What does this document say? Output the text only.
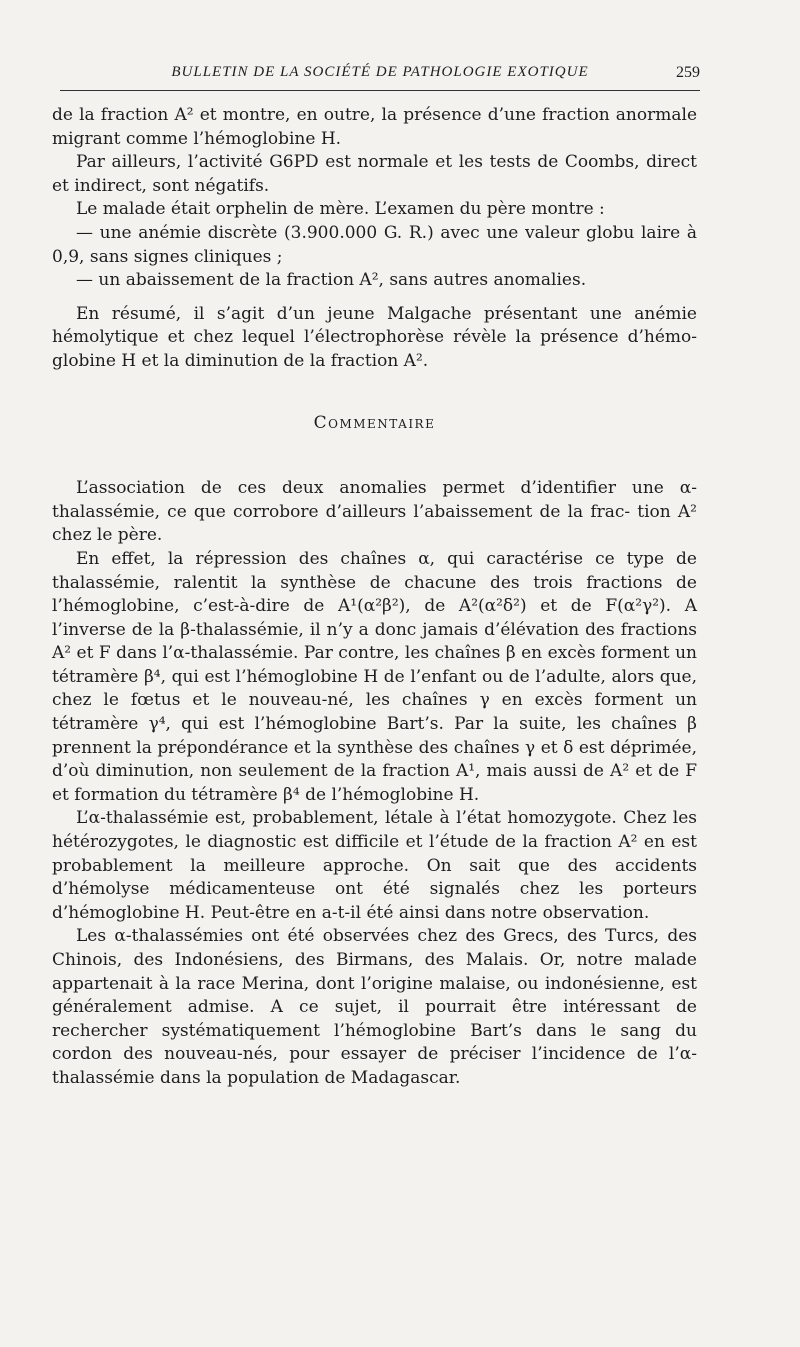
BULLETIN DE LA SOCIÉTÉ DE PATHOLOGIE EXOTIQUE	259

de la fraction A² et montre, en outre, la présence d’une fraction anormale migrant comme l’hémoglobine H.

Par ailleurs, l’activité G6PD est normale et les tests de Coombs, direct et indirect, sont négatifs.

Le malade était orphelin de mère. L’examen du père montre :

— une anémie discrète (3.900.000 G. R.) avec une valeur globu laire à 0,9, sans signes cliniques ;

— un abaissement de la fraction A², sans autres anomalies.

En résumé, il s’agit d’un jeune Malgache présentant une anémie hémolytique et chez lequel l’électrophorèse révèle la présence d’hémo- globine H et la diminution de la fraction A².

Commentaire

L’association de ces deux anomalies permet d’identifier une α-thalassémie, ce que corrobore d’ailleurs l’abaissement de la frac- tion A² chez le père.

En effet, la répression des chaînes α, qui caractérise ce type de thalassémie, ralentit la synthèse de chacune des trois fractions de l’hémoglobine, c’est-à-dire de A¹(α²β²), de A²(α²δ²) et de F(α²γ²). A l’inverse de la β-thalassémie, il n’y a donc jamais d’élévation des fractions A² et F dans l’α-thalassémie. Par contre, les chaînes β en excès forment un tétramère β⁴, qui est l’hémoglobine H de l’enfant ou de l’adulte, alors que, chez le fœtus et le nouveau-né, les chaînes γ en excès forment un tétramère γ⁴, qui est l’hémoglobine Bart’s. Par la suite, les chaînes β prennent la prépondérance et la synthèse des chaînes γ et δ est déprimée, d’où diminution, non seulement de la fraction A¹, mais aussi de A² et de F et formation du tétramère β⁴ de l’hémoglobine H.

L’α-thalassémie est, probablement, létale à l’état homozygote. Chez les hétérozygotes, le diagnostic est difficile et l’étude de la fraction A² en est probablement la meilleure approche. On sait que des accidents d’hémolyse médicamenteuse ont été signalés chez les porteurs d’hémoglobine H. Peut-être en a-t-il été ainsi dans notre observation.

Les α-thalassémies ont été observées chez des Grecs, des Turcs, des Chinois, des Indonésiens, des Birmans, des Malais. Or, notre malade appartenait à la race Merina, dont l’origine malaise, ou indonésienne, est généralement admise. A ce sujet, il pourrait être intéressant de rechercher systématiquement l’hémoglobine Bart’s dans le sang du cordon des nouveau-nés, pour essayer de préciser l’incidence de l’α-thalassémie dans la population de Madagascar.
